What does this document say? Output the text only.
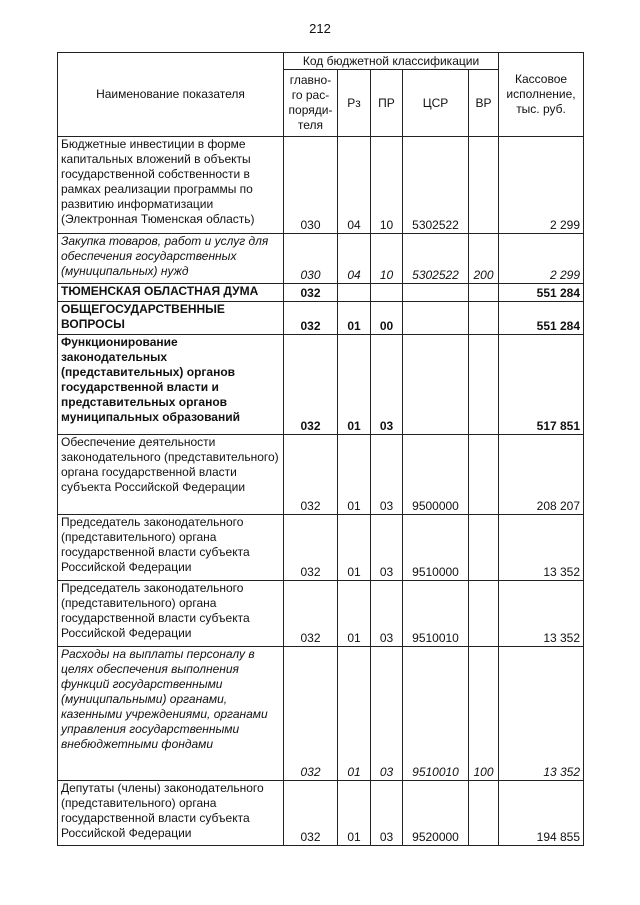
212
Наименование показателя	Код бюджетной классификации					Кассовое исполнение, тыс. руб.
	главно-го рас-поряди-теля	Рз	ПР	ЦСР	ВР	
Бюджетные инвестиции в форме капитальных вложений в объекты государственной собственности в рамках реализации программы по развитию информатизации (Электронная Тюменская область)	030	04	10	5302522		2 299
Закупка товаров, работ и услуг для обеспечения государственных (муниципальных) нужд	030	04	10	5302522	200	2 299
ТЮМЕНСКАЯ ОБЛАСТНАЯ ДУМА	032					551 284
ОБЩЕГОСУДАРСТВЕННЫЕ ВОПРОСЫ	032	01	00			551 284
Функционирование законодательных (представительных) органов государственной власти и представительных органов муниципальных образований	032	01	03			517 851
Обеспечение деятельности законодательного (представительного) органа государственной власти субъекта Российской Федерации	032	01	03	9500000		208 207
Председатель законодательного (представительного) органа государственной власти субъекта Российской Федерации	032	01	03	9510000		13 352
Председатель законодательного (представительного) органа государственной власти субъекта Российской Федерации	032	01	03	9510010		13 352
Расходы на выплаты персоналу в целях обеспечения выполнения функций государственными (муниципальными) органами, казенными учреждениями, органами управления государственными внебюджетными фондами	032	01	03	9510010	100	13 352
Депутаты (члены) законодательного (представительного) органа государственной власти субъекта Российской Федерации	032	01	03	9520000		194 855
